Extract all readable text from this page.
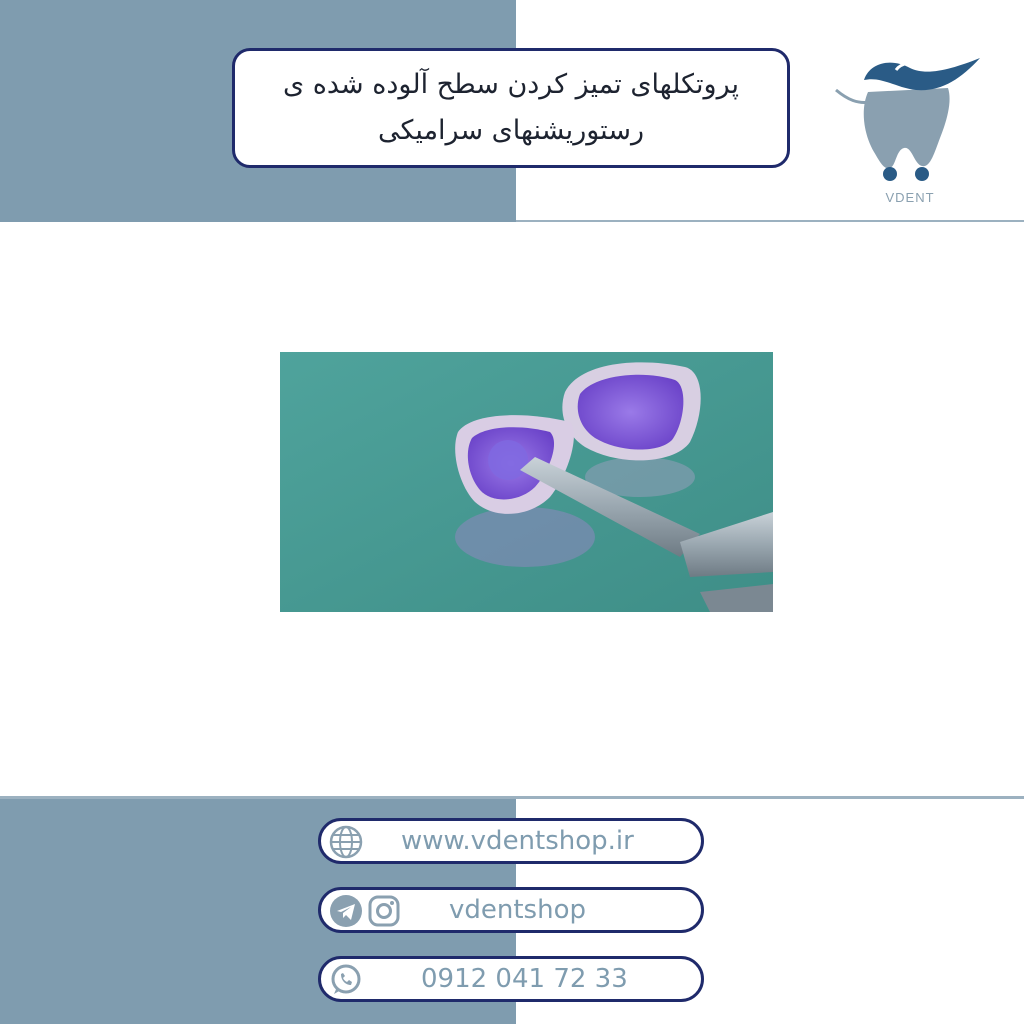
پروتکلهای تمیز کردن سطح آلوده شده ی
رستوریشنهای سرامیکی
VDENT
www.vdentshop.ir
vdentshop
0912 041 72 33
